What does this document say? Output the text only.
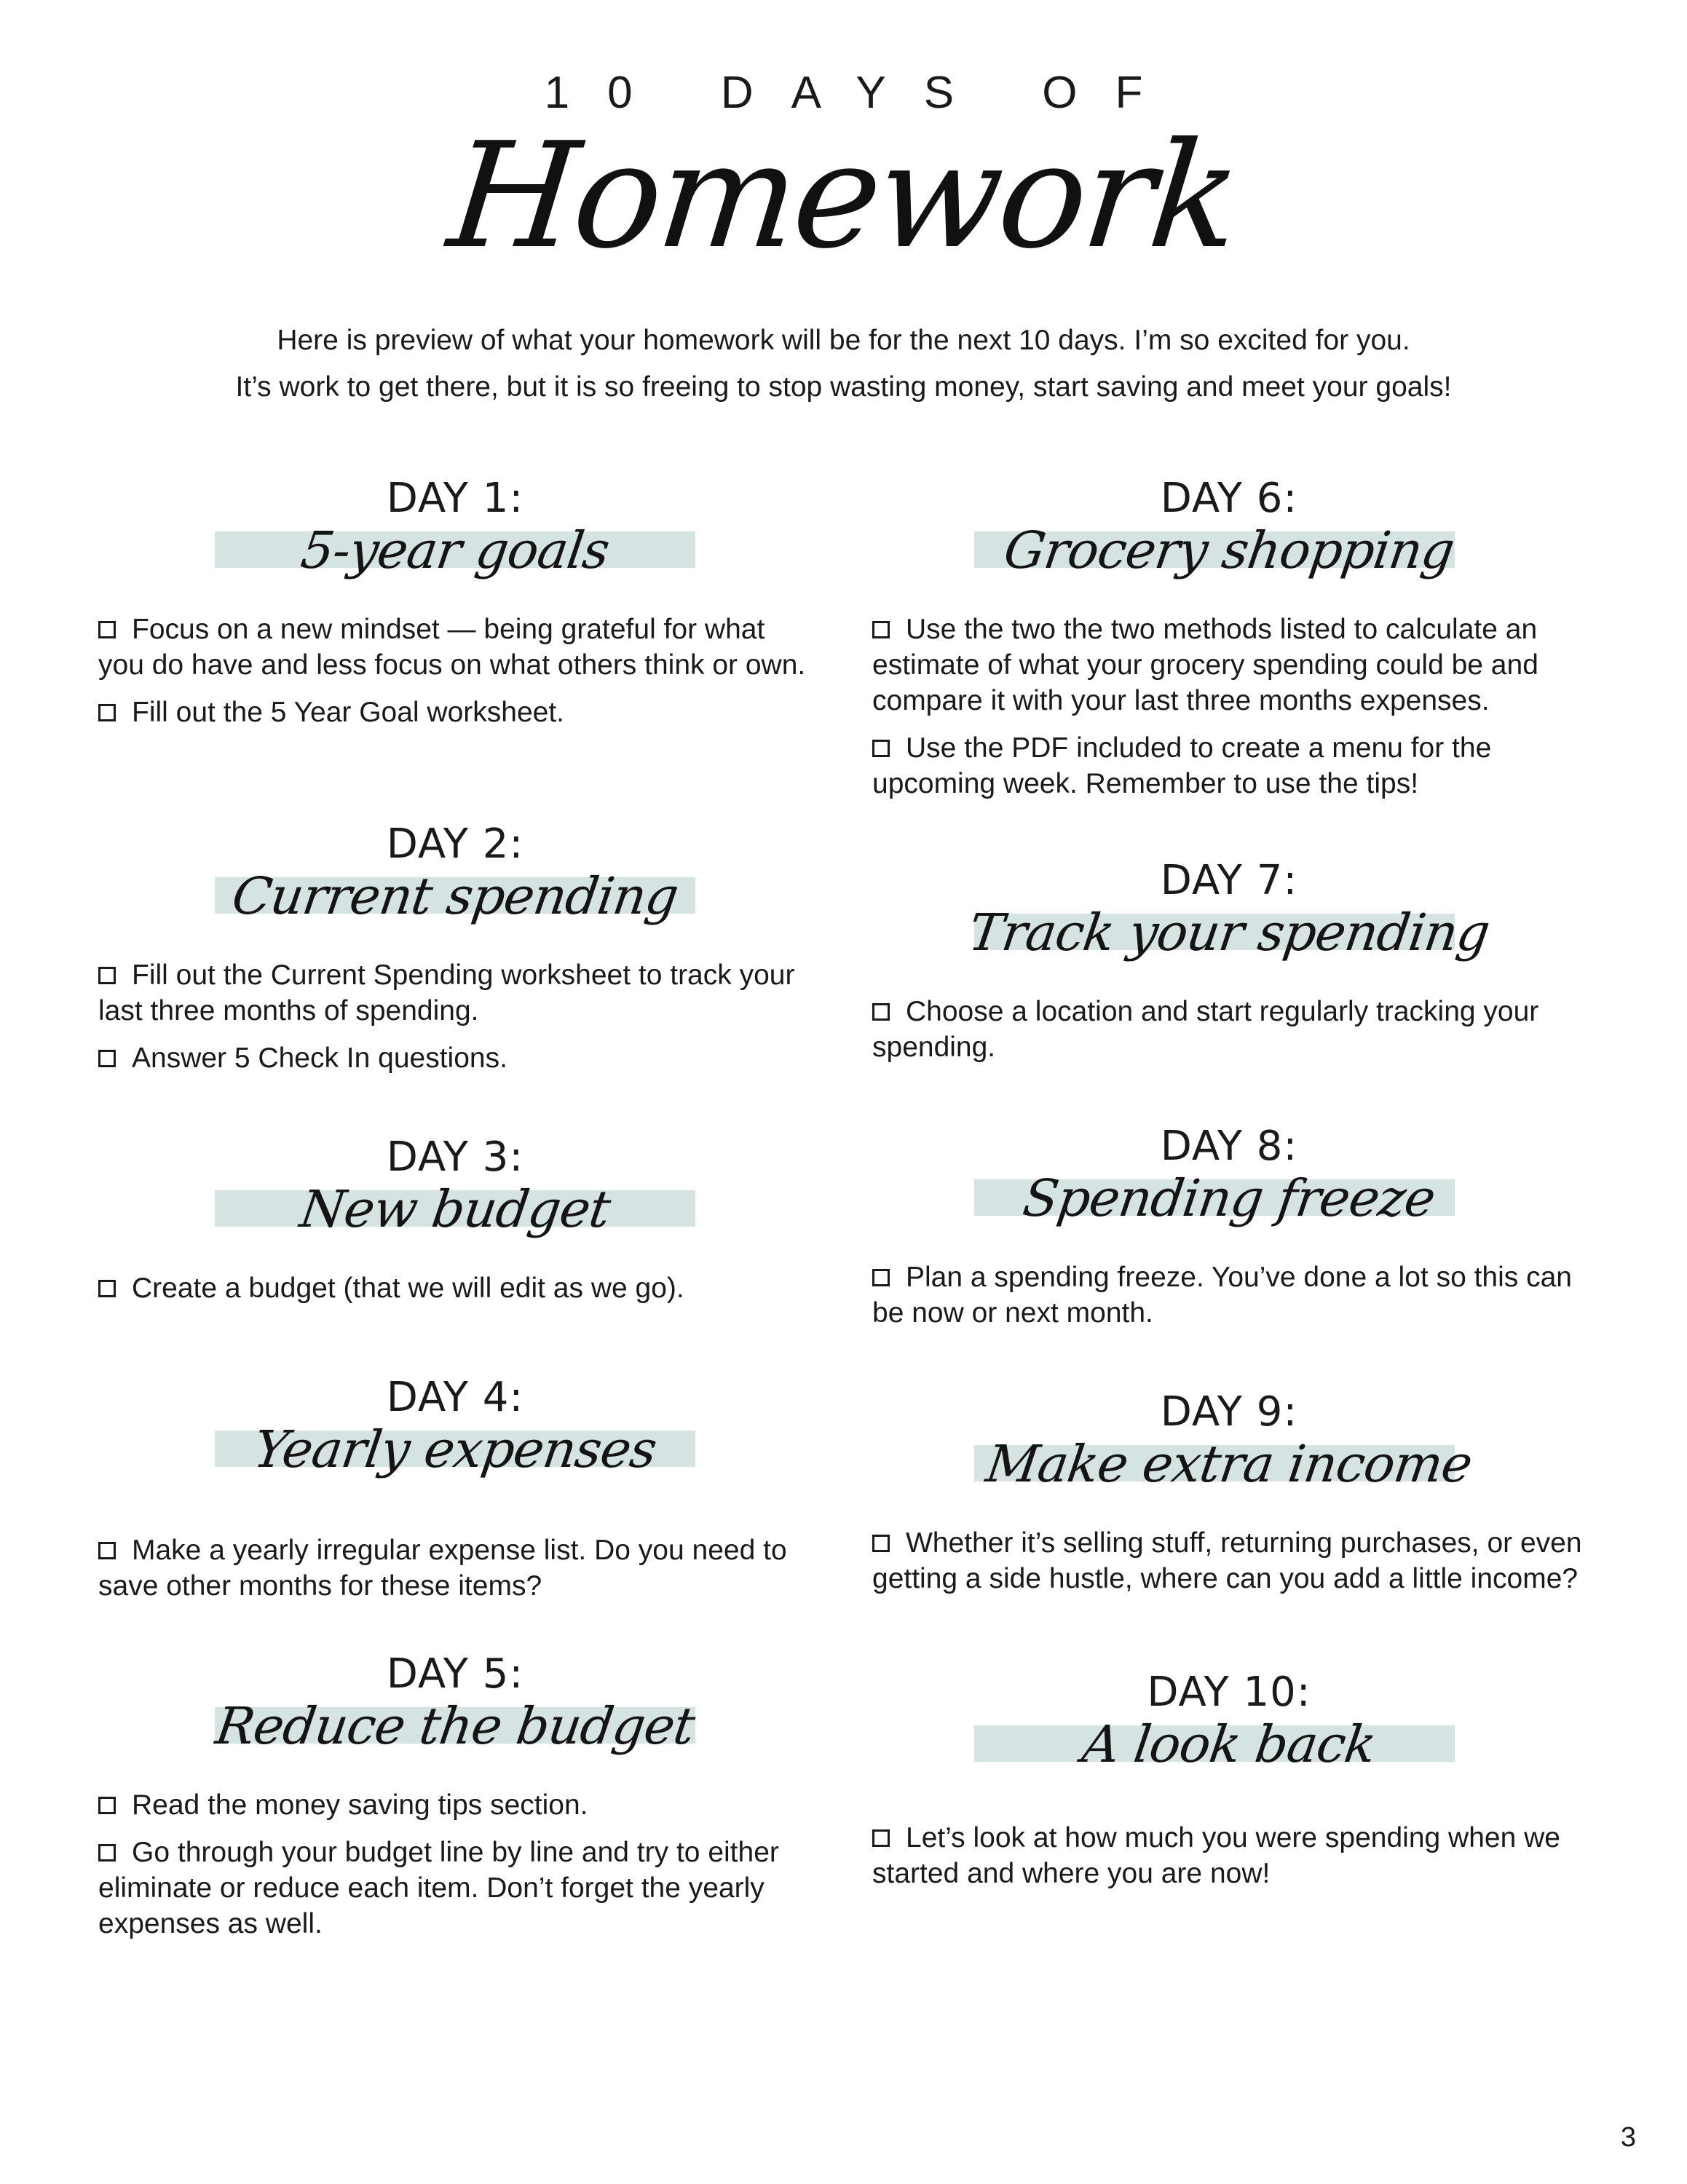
10 DAYS OF
Homework

Here is preview of what your homework will be for the next 10 days. I’m so excited for you.

It’s work to get there, but it is so freeing to stop wasting money, start saving and meet your goals!

DAY 1:
5-year goals
Focus on a new mindset — being grateful for what you do have and less focus on what others think or own.
Fill out the 5 Year Goal worksheet.
DAY 2:
Current spending
Fill out the Current Spending worksheet to track your last three months of spending.
Answer 5 Check In questions.
DAY 3:
New budget
Create a budget (that we will edit as we go).
DAY 4:
Yearly expenses
Make a yearly irregular expense list. Do you need to save other months for these items?
DAY 5:
Reduce the budget
Read the money saving tips section.
Go through your budget line by line and try to either eliminate or reduce each item. Don’t forget the yearly expenses as well.
DAY 6:
Grocery shopping
Use the two the two methods listed to calculate an estimate of what your grocery spending could be and compare it with your last three months expenses.
Use the PDF included to create a menu for the upcoming week. Remember to use the tips!
DAY 7:
Track your spending
Choose a location and start regularly tracking your spending.
DAY 8:
Spending freeze
Plan a spending freeze. You’ve done a lot so this can be now or next month.
DAY 9:
Make extra income
Whether it’s selling stuff, returning purchases, or even getting a side hustle, where can you add a little income?
DAY 10:
A look back
Let’s look at how much you were spending when we started and where you are now!
3
